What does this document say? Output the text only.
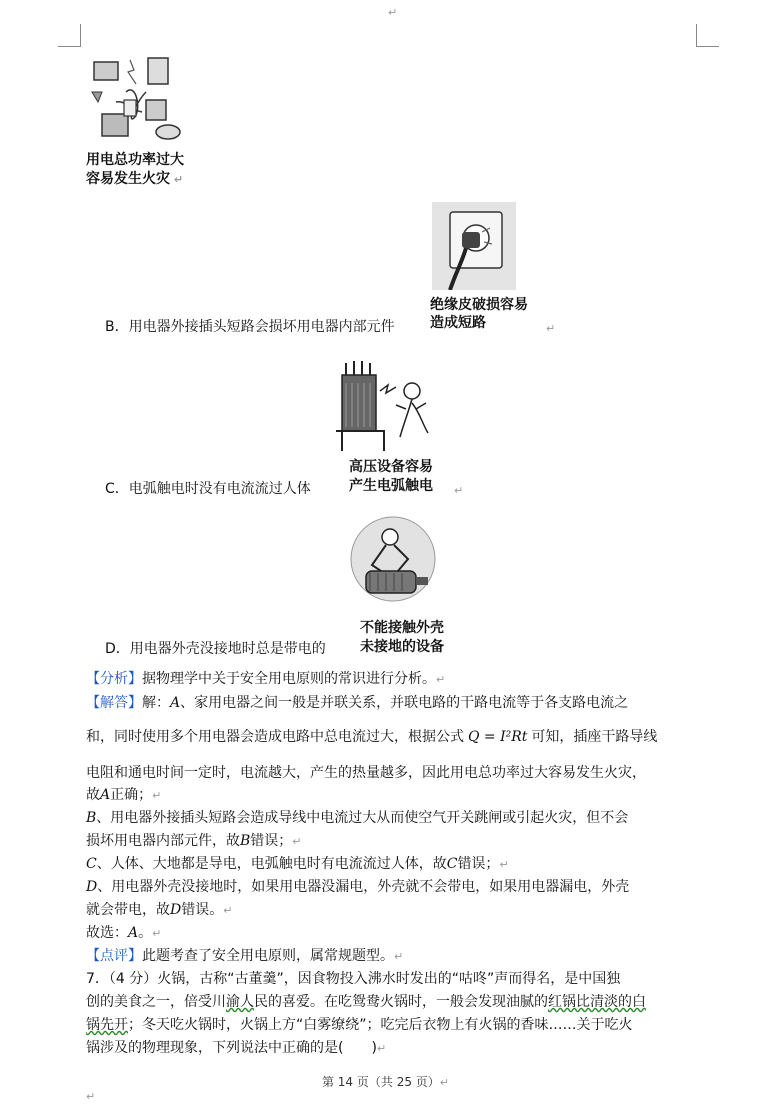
↵
用电总功率过大
容易发生火灾 ↵
绝缘皮破损容易
造成短路
B．用电器外接插头短路会损坏用电器内部元件	↵
高压设备容易
产生电弧触电
C．电弧触电时没有电流流过人体	↵
不能接触外壳
未接地的设备
D．用电器外壳没接地时总是带电的
【分析】据物理学中关于安全用电原则的常识进行分析。↵
【解答】解：A、家用电器之间一般是并联关系，并联电路的干路电流等于各支路电流之
和，同时使用多个用电器会造成电路中总电流过大，根据公式 Q = I²Rt 可知，插座干路导线
电阻和通电时间一定时，电流越大，产生的热量越多，因此用电总功率过大容易发生火灾，
故A正确；↵
B、用电器外接插头短路会造成导线中电流过大从而使空气开关跳闸或引起火灾，但不会
损坏用电器内部元件，故B错误；↵
C、人体、大地都是导电，电弧触电时有电流流过人体，故C错误；↵
D、用电器外壳没接地时，如果用电器没漏电，外壳就不会带电，如果用电器漏电，外壳
就会带电，故D错误。↵
故选：A。↵
【点评】此题考查了安全用电原则，属常规题型。↵
7．（4 分）火锅，古称“古董羹”，因食物投入沸水时发出的“咕咚”声而得名，是中国独
创的美食之一，倍受川渝人民的喜爱。在吃鸳鸯火锅时，一般会发现油腻的红锅比清淡的白
锅先开；冬天吃火锅时，火锅上方“白雾缭绕”；吃完后衣物上有火锅的香味……关于吃火
锅涉及的物理现象，下列说法中正确的是(　　)↵
第 14 页（共 25 页）↵
↵
